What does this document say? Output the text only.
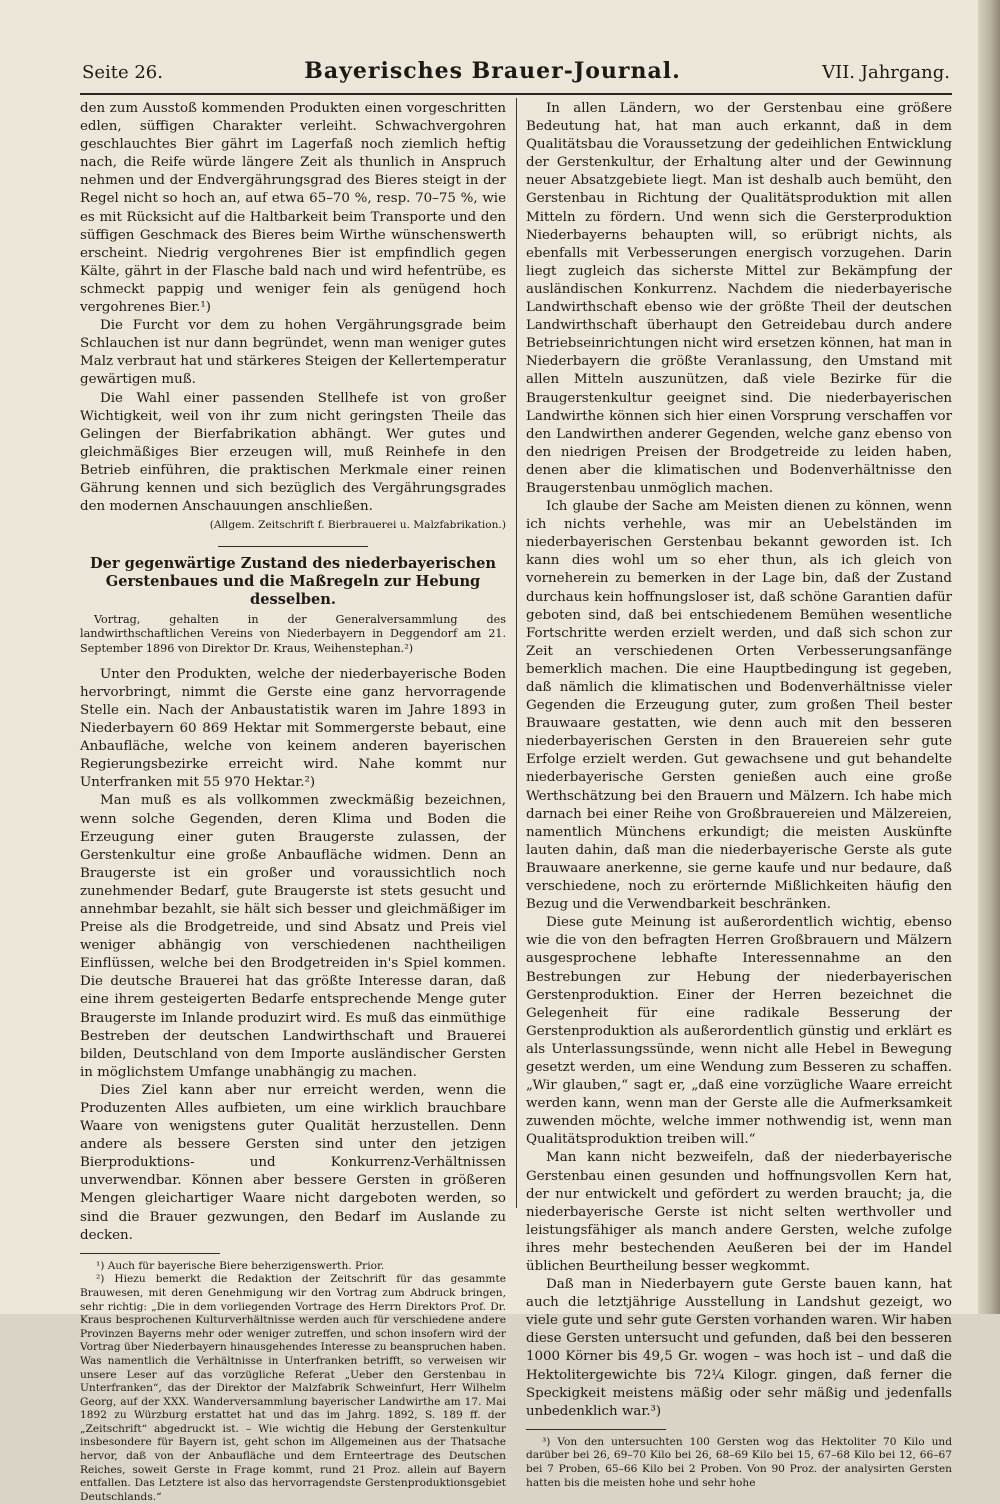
Seite 26.	Bayerisches Brauer-Journal.	VII. Jahrgang.

den zum Ausstoß kommenden Produkten einen vorgeschritten edlen, süffigen Charakter verleiht. Schwachvergohren geschlauchtes Bier gährt im Lagerfaß noch ziemlich heftig nach, die Reife würde längere Zeit als thunlich in Anspruch nehmen und der Endvergährungsgrad des Bieres steigt in der Regel nicht so hoch an, auf etwa 65–70 %, resp. 70–75 %, wie es mit Rücksicht auf die Haltbarkeit beim Transporte und den süffigen Geschmack des Bieres beim Wirthe wünschenswerth erscheint. Niedrig vergohrenes Bier ist empfindlich gegen Kälte, gährt in der Flasche bald nach und wird hefentrübe, es schmeckt pappig und weniger fein als genügend hoch vergohrenes Bier.¹)

Die Furcht vor dem zu hohen Vergährungsgrade beim Schlauchen ist nur dann begründet, wenn man weniger gutes Malz verbraut hat und stärkeres Steigen der Kellertemperatur gewärtigen muß.

Die Wahl einer passenden Stellhefe ist von großer Wichtigkeit, weil von ihr zum nicht geringsten Theile das Gelingen der Bierfabrikation abhängt. Wer gutes und gleichmäßiges Bier erzeugen will, muß Reinhefe in den Betrieb einführen, die praktischen Merkmale einer reinen Gährung kennen und sich bezüglich des Vergährungsgrades den modernen Anschauungen anschließen.

(Allgem. Zeitschrift f. Bierbrauerei u. Malzfabrikation.)
Der gegenwärtige Zustand des niederbayerischen Gerstenbaues und die Maßregeln zur Hebung desselben.
Vortrag, gehalten in der Generalversammlung des landwirthschaftlichen Vereins von Niederbayern in Deggendorf am 21. September 1896 von Direktor Dr. Kraus, Weihenstephan.²)

Unter den Produkten, welche der niederbayerische Boden hervorbringt, nimmt die Gerste eine ganz hervorragende Stelle ein. Nach der Anbaustatistik waren im Jahre 1893 in Niederbayern 60 869 Hektar mit Sommergerste bebaut, eine Anbaufläche, welche von keinem anderen bayerischen Regierungsbezirke erreicht wird. Nahe kommt nur Unterfranken mit 55 970 Hektar.²)

Man muß es als vollkommen zweckmäßig bezeichnen, wenn solche Gegenden, deren Klima und Boden die Erzeugung einer guten Braugerste zulassen, der Gerstenkultur eine große Anbaufläche widmen. Denn an Braugerste ist ein großer und voraussichtlich noch zunehmender Bedarf, gute Braugerste ist stets gesucht und annehmbar bezahlt, sie hält sich besser und gleichmäßiger im Preise als die Brodgetreide, und sind Absatz und Preis viel weniger abhängig von verschiedenen nachtheiligen Einflüssen, welche bei den Brodgetreiden in's Spiel kommen. Die deutsche Brauerei hat das größte Interesse daran, daß eine ihrem gesteigerten Bedarfe entsprechende Menge guter Braugerste im Inlande produzirt wird. Es muß das einmüthige Bestreben der deutschen Landwirthschaft und Brauerei bilden, Deutschland von dem Importe ausländischer Gersten in möglichstem Umfange unabhängig zu machen.

Dies Ziel kann aber nur erreicht werden, wenn die Produzenten Alles aufbieten, um eine wirklich brauchbare Waare von wenigstens guter Qualität herzustellen. Denn andere als bessere Gersten sind unter den jetzigen Bierproduktions- und Konkurrenz-Verhältnissen unverwendbar. Können aber bessere Gersten in größeren Mengen gleichartiger Waare nicht dargeboten werden, so sind die Brauer gezwungen, den Bedarf im Auslande zu decken.

¹) Auch für bayerische Biere beherzigenswerth. Prior.

²) Hiezu bemerkt die Redaktion der Zeitschrift für das gesammte Brauwesen, mit deren Genehmigung wir den Vortrag zum Abdruck bringen, sehr richtig: „Die in dem vorliegenden Vortrage des Herrn Direktors Prof. Dr. Kraus besprochenen Kulturverhältnisse werden auch für verschiedene andere Provinzen Bayerns mehr oder weniger zutreffen, und schon insofern wird der Vortrag über Niederbayern hinausgehendes Interesse zu beanspruchen haben. Was namentlich die Verhältnisse in Unterfranken betrifft, so verweisen wir unsere Leser auf das vorzügliche Referat „Ueber den Gerstenbau in Unterfranken“, das der Direktor der Malzfabrik Schweinfurt, Herr Wilhelm Georg, auf der XXX. Wanderversammlung bayerischer Landwirthe am 17. Mai 1892 zu Würzburg erstattet hat und das im Jahrg. 1892, S. 189 ff. der „Zeitschrift“ abgedruckt ist. – Wie wichtig die Hebung der Gerstenkultur insbesondere für Bayern ist, geht schon im Allgemeinen aus der Thatsache hervor, daß von der Anbaufläche und dem Ernteertrage des Deutschen Reiches, soweit Gerste in Frage kommt, rund 21 Proz. allein auf Bayern entfallen. Das Letztere ist also das hervorragendste Gerstenproduktionsgebiet Deutschlands.“

In allen Ländern, wo der Gerstenbau eine größere Bedeutung hat, hat man auch erkannt, daß in dem Qualitätsbau die Voraussetzung der gedeihlichen Entwicklung der Gerstenkultur, der Erhaltung alter und der Gewinnung neuer Absatzgebiete liegt. Man ist deshalb auch bemüht, den Gerstenbau in Richtung der Qualitätsproduktion mit allen Mitteln zu fördern. Und wenn sich die Gersterproduktion Niederbayerns behaupten will, so erübrigt nichts, als ebenfalls mit Verbesserungen energisch vorzugehen. Darin liegt zugleich das sicherste Mittel zur Bekämpfung der ausländischen Konkurrenz. Nachdem die niederbayerische Landwirthschaft ebenso wie der größte Theil der deutschen Landwirthschaft überhaupt den Getreidebau durch andere Betriebseinrichtungen nicht wird ersetzen können, hat man in Niederbayern die größte Veranlassung, den Umstand mit allen Mitteln auszunützen, daß viele Bezirke für die Braugerstenkultur geeignet sind. Die niederbayerischen Landwirthe können sich hier einen Vorsprung verschaffen vor den Landwirthen anderer Gegenden, welche ganz ebenso von den niedrigen Preisen der Brodgetreide zu leiden haben, denen aber die klimatischen und Bodenverhältnisse den Braugerstenbau unmöglich machen.

Ich glaube der Sache am Meisten dienen zu können, wenn ich nichts verhehle, was mir an Uebelständen im niederbayerischen Gerstenbau bekannt geworden ist. Ich kann dies wohl um so eher thun, als ich gleich von vorneherein zu bemerken in der Lage bin, daß der Zustand durchaus kein hoffnungsloser ist, daß schöne Garantien dafür geboten sind, daß bei entschiedenem Bemühen wesentliche Fortschritte werden erzielt werden, und daß sich schon zur Zeit an verschiedenen Orten Verbesserungsanfänge bemerklich machen. Die eine Hauptbedingung ist gegeben, daß nämlich die klimatischen und Bodenverhältnisse vieler Gegenden die Erzeugung guter, zum großen Theil bester Brauwaare gestatten, wie denn auch mit den besseren niederbayerischen Gersten in den Brauereien sehr gute Erfolge erzielt werden. Gut gewachsene und gut behandelte niederbayerische Gersten genießen auch eine große Werthschätzung bei den Brauern und Mälzern. Ich habe mich darnach bei einer Reihe von Großbrauereien und Mälzereien, namentlich Münchens erkundigt; die meisten Auskünfte lauten dahin, daß man die niederbayerische Gerste als gute Brauwaare anerkenne, sie gerne kaufe und nur bedaure, daß verschiedene, noch zu erörternde Mißlichkeiten häufig den Bezug und die Verwendbarkeit beschränken.

Diese gute Meinung ist außerordentlich wichtig, ebenso wie die von den befragten Herren Großbrauern und Mälzern ausgesprochene lebhafte Interessennahme an den Bestrebungen zur Hebung der niederbayerischen Gerstenproduktion. Einer der Herren bezeichnet die Gelegenheit für eine radikale Besserung der Gerstenproduktion als außerordentlich günstig und erklärt es als Unterlassungssünde, wenn nicht alle Hebel in Bewegung gesetzt werden, um eine Wendung zum Besseren zu schaffen. „Wir glauben,“ sagt er, „daß eine vorzügliche Waare erreicht werden kann, wenn man der Gerste alle die Aufmerksamkeit zuwenden möchte, welche immer nothwendig ist, wenn man Qualitätsproduktion treiben will.“

Man kann nicht bezweifeln, daß der niederbayerische Gerstenbau einen gesunden und hoffnungsvollen Kern hat, der nur entwickelt und gefördert zu werden braucht; ja, die niederbayerische Gerste ist nicht selten werthvoller und leistungsfähiger als manch andere Gersten, welche zufolge ihres mehr bestechenden Aeußeren bei der im Handel üblichen Beurtheilung besser wegkommt.

Daß man in Niederbayern gute Gerste bauen kann, hat auch die letztjährige Ausstellung in Landshut gezeigt, wo viele gute und sehr gute Gersten vorhanden waren. Wir haben diese Gersten untersucht und gefunden, daß bei den besseren 1000 Körner bis 49,5 Gr. wogen – was hoch ist – und daß die Hektolitergewichte bis 72¼ Kilogr. gingen, daß ferner die Speckigkeit meistens mäßig oder sehr mäßig und jedenfalls unbedenklich war.³)

³) Von den untersuchten 100 Gersten wog das Hektoliter 70 Kilo und darüber bei 26, 69–70 Kilo bei 26, 68–69 Kilo bei 15, 67–68 Kilo bei 12, 66–67 bei 7 Proben, 65–66 Kilo bei 2 Proben. Von 90 Proz. der analysirten Gersten hatten bis die meisten hohe und sehr hohe
